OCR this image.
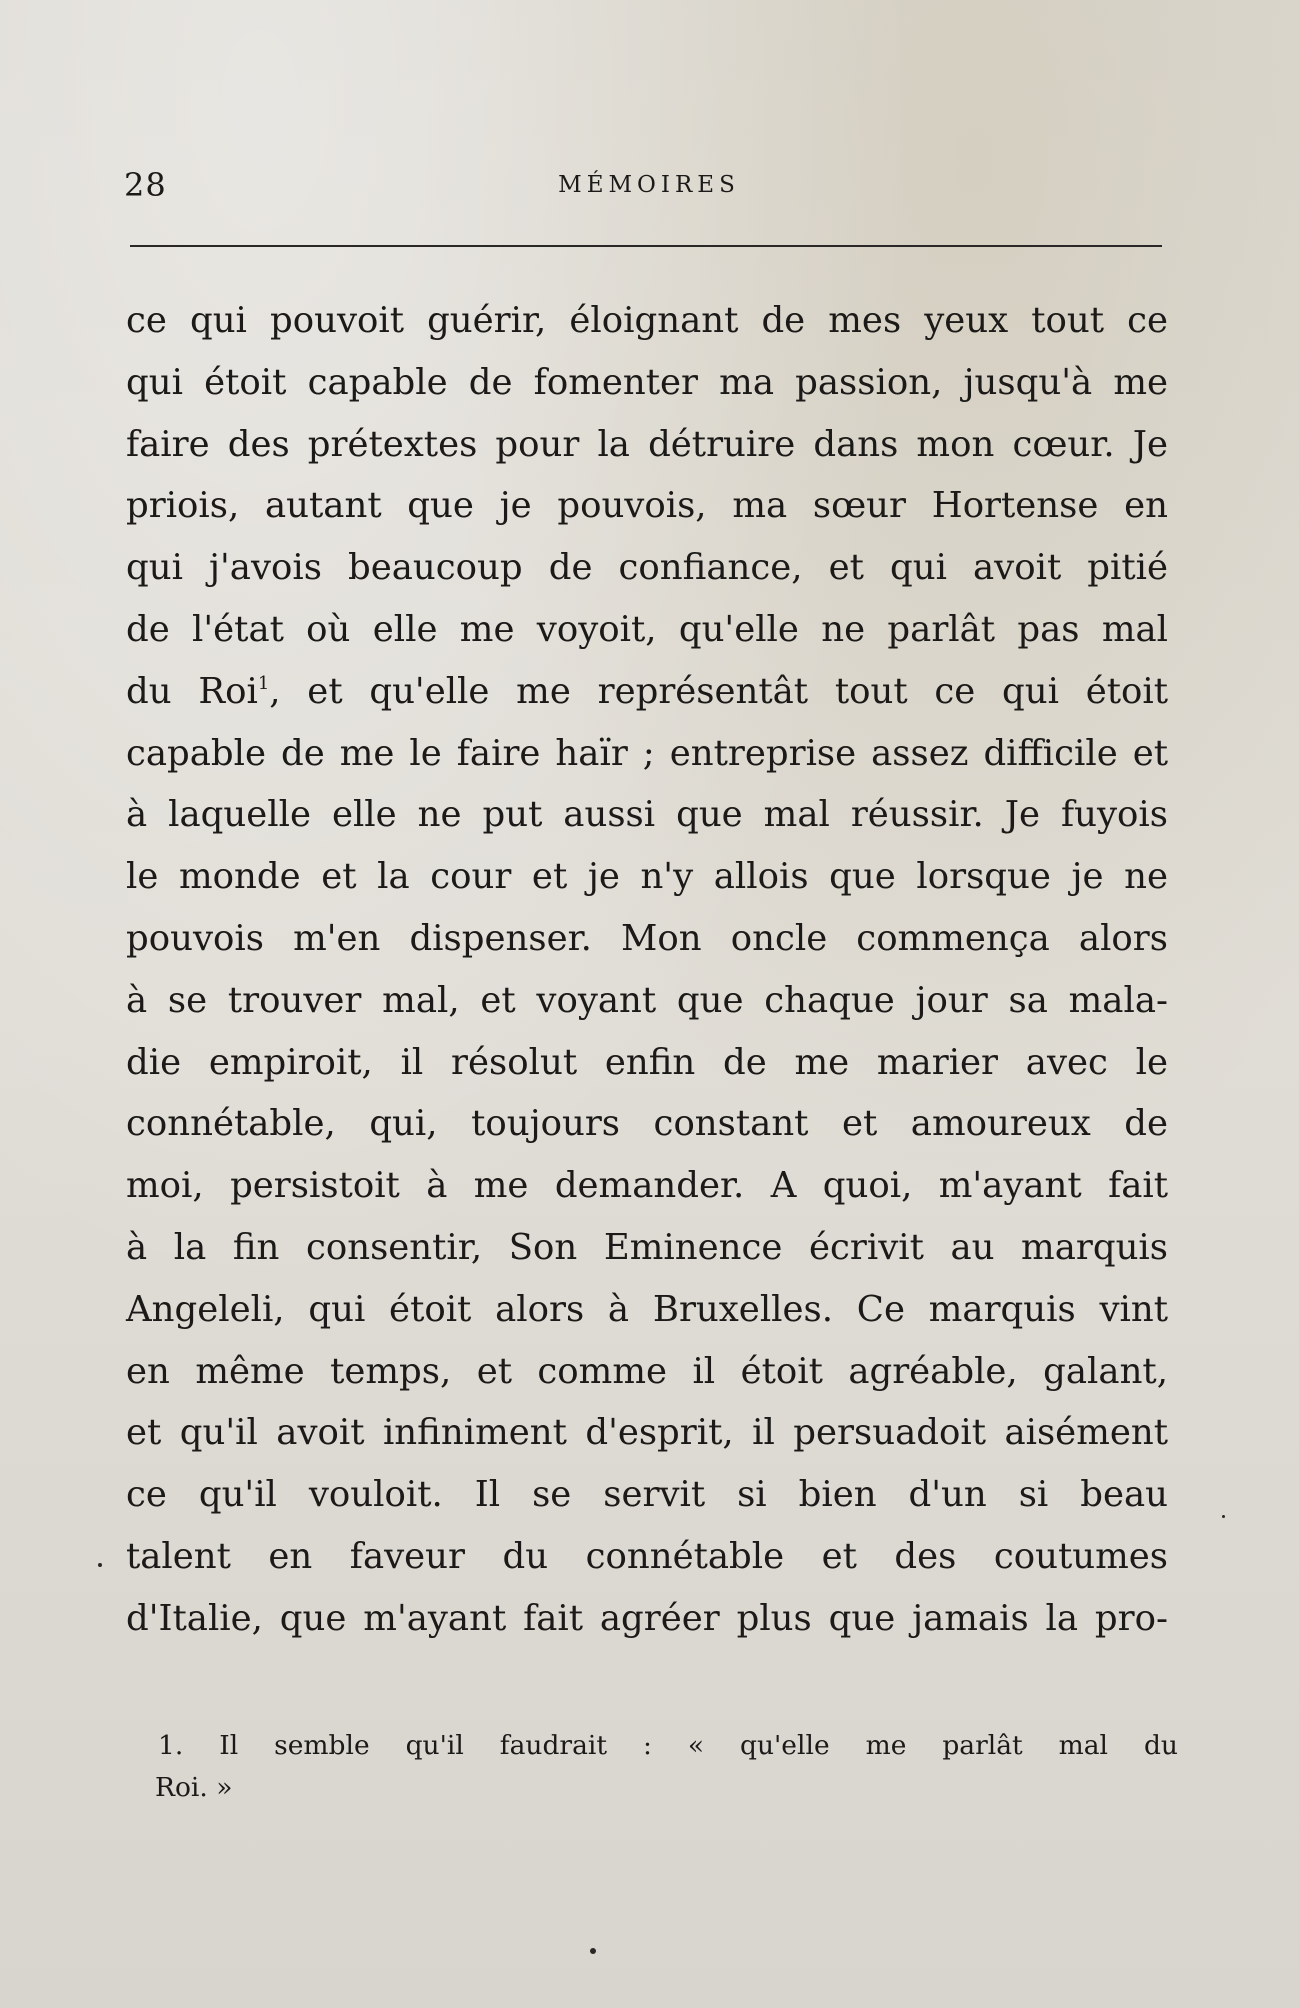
28	MÉMOIRES
ce qui pouvoit guérir, éloignant de mes yeux tout ce
qui étoit capable de fomenter ma passion, jusqu'à me
faire des prétextes pour la détruire dans mon cœur. Je
priois, autant que je pouvois, ma sœur Hortense en
qui j'avois beaucoup de confiance, et qui avoit pitié
de l'état où elle me voyoit, qu'elle ne parlât pas mal
du Roi$^1$, et qu'elle me représentât tout ce qui étoit
capable de me le faire haïr ; entreprise assez difficile et
à laquelle elle ne put aussi que mal réussir. Je fuyois
le monde et la cour et je n'y allois que lorsque je ne
pouvois m'en dispenser. Mon oncle commença alors
à se trouver mal, et voyant que chaque jour sa mala-
die empiroit, il résolut enfin de me marier avec le
connétable, qui, toujours constant et amoureux de
moi, persistoit à me demander. A quoi, m'ayant fait
à la fin consentir, Son Eminence écrivit au marquis
Angeleli, qui étoit alors à Bruxelles. Ce marquis vint
en même temps, et comme il étoit agréable, galant,
et qu'il avoit infiniment d'esprit, il persuadoit aisément
ce qu'il vouloit. Il se servit si bien d'un si beau
talent en faveur du connétable et des coutumes
d'Italie, que m'ayant fait agréer plus que jamais la pro-
1. Il semble qu'il faudrait : « qu'elle me parlât mal du
Roi. »
